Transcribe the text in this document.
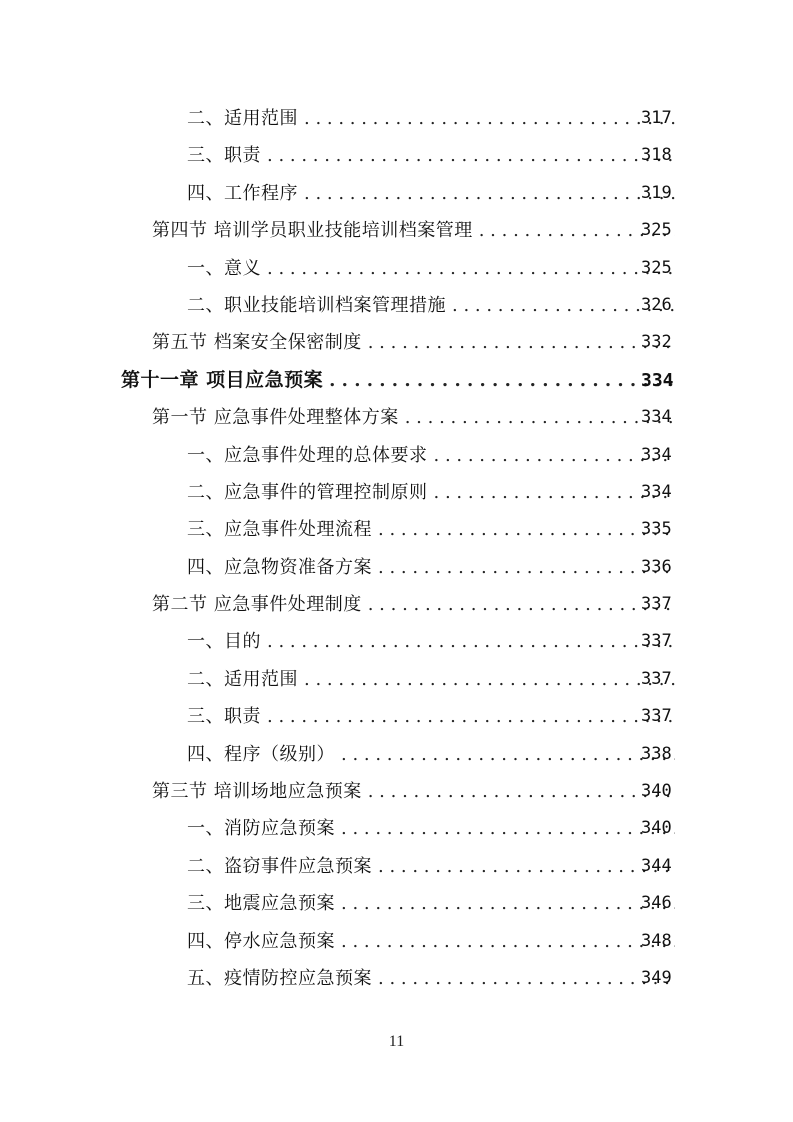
二、适用范围 . . .	317
三、职责 . . .	318
四、工作程序 . . .	319
第四节 培训学员职业技能培训档案管理 . . .	325
一、意义 . . .	325
二、职业技能培训档案管理措施 . . .	326
第五节 档案安全保密制度 . . .	332
第十一章 项目应急预案 . . .	334
第一节 应急事件处理整体方案 . . .	334
一、应急事件处理的总体要求 . . .	334
二、应急事件的管理控制原则 . . .	334
三、应急事件处理流程 . . .	335
四、应急物资准备方案 . . .	336
第二节 应急事件处理制度 . . .	337
一、目的 . . .	337
二、适用范围 . . .	337
三、职责 . . .	337
四、程序（级别） . . .	338
第三节 培训场地应急预案 . . .	340
一、消防应急预案 . . .	340
二、盗窃事件应急预案 . . .	344
三、地震应急预案 . . .	346
四、停水应急预案 . . .	348
五、疫情防控应急预案 . . .	349
11
